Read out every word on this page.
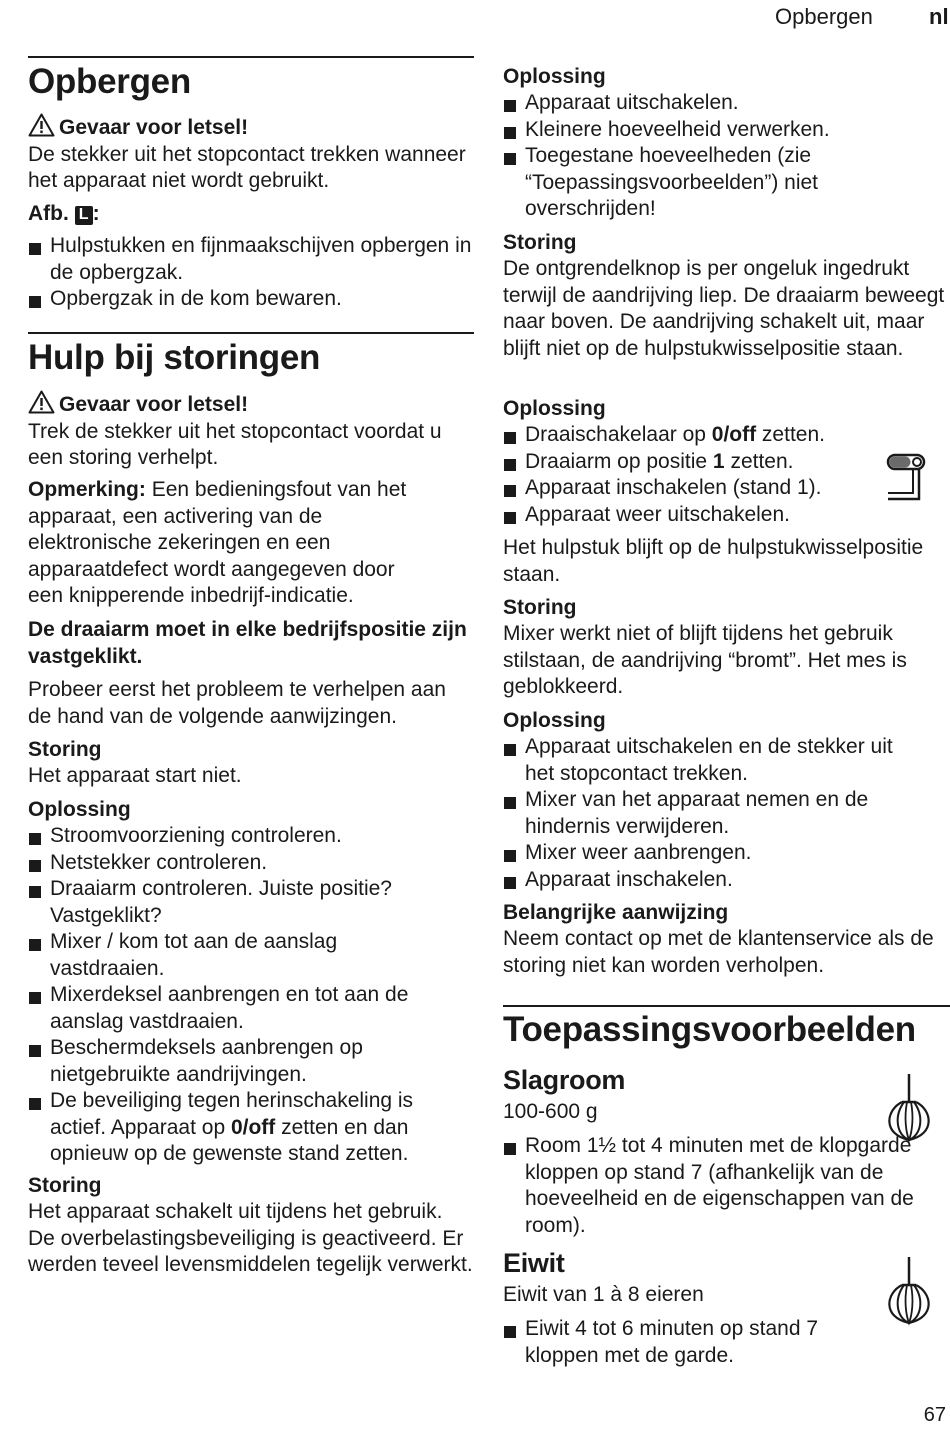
Opbergen	nl
Opbergen
Gevaar voor letsel!

De stekker uit het stopcontact trekken wanneer het apparaat niet wordt gebruikt.

Afb. L :
Hulpstukken en fijnmaakschijven opbergen in de opbergzak.
Opbergzak in de kom bewaren.
Hulp bij storingen
Gevaar voor letsel!

Trek de stekker uit het stopcontact voordat u een storing verhelpt.

Opmerking: Een bedieningsfout van het apparaat, een activering van de elektronische zekeringen en een apparaatdefect wordt aangegeven door een knipperende inbedrijf-indicatie.

De draaiarm moet in elke bedrijfspositie zijn vastgeklikt.

Probeer eerst het probleem te verhelpen aan de hand van de volgende aanwijzingen.

Storing

Het apparaat start niet.

Oplossing
Stroomvoorziening controleren.
Netstekker controleren.
Draaiarm controleren. Juiste positie? Vastgeklikt?
Mixer / kom tot aan de aanslag vastdraaien.
Mixerdeksel aanbrengen en tot aan de aanslag vastdraaien.
Beschermdeksels aanbrengen op nietgebruikte aandrijvingen.
De beveiliging tegen herinschakeling is actief. Apparaat op 0/off zetten en dan opnieuw op de gewenste stand zetten.
Storing

Het apparaat schakelt uit tijdens het gebruik. De overbelastingsbeveiliging is geactiveerd. Er werden teveel levensmiddelen tegelijk verwerkt.

Oplossing
Apparaat uitschakelen.
Kleinere hoeveelheid verwerken.
Toegestane hoeveelheden (zie “Toepassingsvoorbeelden”) niet overschrijden!
Storing

De ontgrendelknop is per ongeluk ingedrukt terwijl de aandrijving liep. De draaiarm beweegt naar boven. De aandrijving schakelt uit, maar blijft niet op de hulpstukwisselpositie staan.

Oplossing
Draaischakelaar op 0/off zetten.
Draaiarm op positie 1 zetten.
Apparaat inschakelen (stand 1).
Apparaat weer uitschakelen.

Het hulpstuk blijft op de hulpstukwisselpositie staan.

Storing

Mixer werkt niet of blijft tijdens het gebruik stilstaan, de aandrijving “bromt”. Het mes is geblokkeerd.

Oplossing
Apparaat uitschakelen en de stekker uit het stopcontact trekken.
Mixer van het apparaat nemen en de hindernis verwijderen.
Mixer weer aanbrengen.
Apparaat inschakelen.
Belangrijke aanwijzing

Neem contact op met de klantenservice als de storing niet kan worden verholpen.

Toepassingsvoorbeelden
Slagroom

100-600 g

Room 1½ tot 4 minuten met de klopgarde kloppen op stand 7 (afhankelijk van de hoeveelheid en de eigenschappen van de room).
Eiwit

Eiwit van 1 à 8 eieren

Eiwit 4 tot 6 minuten op stand 7 kloppen met de garde.
67
